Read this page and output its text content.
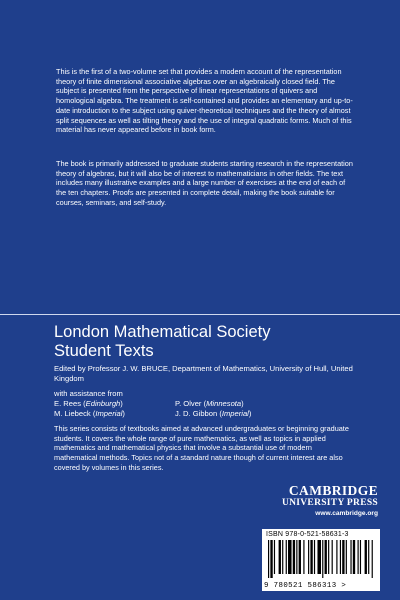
This is the first of a two-volume set that provides a modern account of the representation theory of finite dimensional associative algebras over an algebraically closed field. The subject is presented from the perspective of linear representations of quivers and homological algebra. The treatment is self-contained and provides an elementary and up-to-date introduction to the subject using quiver-theoretical techniques and the theory of almost split sequences as well as tilting theory and the use of integral quadratic forms. Much of this material has never appeared before in book form.

The book is primarily addressed to graduate students starting research in the representation theory of algebras, but it will also be of interest to mathematicians in other fields. The text includes many illustrative examples and a large number of exercises at the end of each of the ten chapters. Proofs are presented in complete detail, making the book suitable for courses, seminars, and self-study.

London Mathematical Society
Student Texts

Edited by Professor J. W. BRUCE, Department of Mathematics, University of Hull, United Kingdom

with assistance from
E. Rees (Edinburgh)	P. Olver (Minnesota)
M. Liebeck (Imperial)	J. D. Gibbon (Imperial)

This series consists of textbooks aimed at advanced undergraduates or beginning graduate students. It covers the whole range of pure mathematics, as well as topics in applied mathematics and mathematical physics that involve a substantial use of modern mathematical methods. Topics not of a standard nature though of current interest are also covered by volumes in this series.

CAMBRIDGE
UNIVERSITY PRESS
www.cambridge.org
ISBN 978-0-521-58631-3
9 780521 586313 >
